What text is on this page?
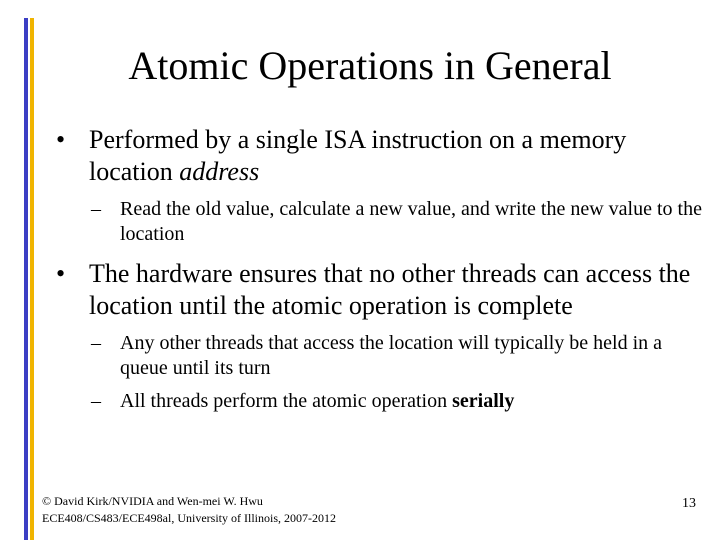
Atomic Operations in General
• Performed by a single ISA instruction on a memory location address
– Read the old value, calculate a new value, and write the new value to the location
• The hardware ensures that no other threads can access the location until the atomic operation is complete
– Any other threads that access the location will typically be held in a queue until its turn
– All threads perform the atomic operation serially
© David Kirk/NVIDIA and Wen-mei W. Hwu
ECE408/CS483/ECE498al, University of Illinois, 2007-2012
13
